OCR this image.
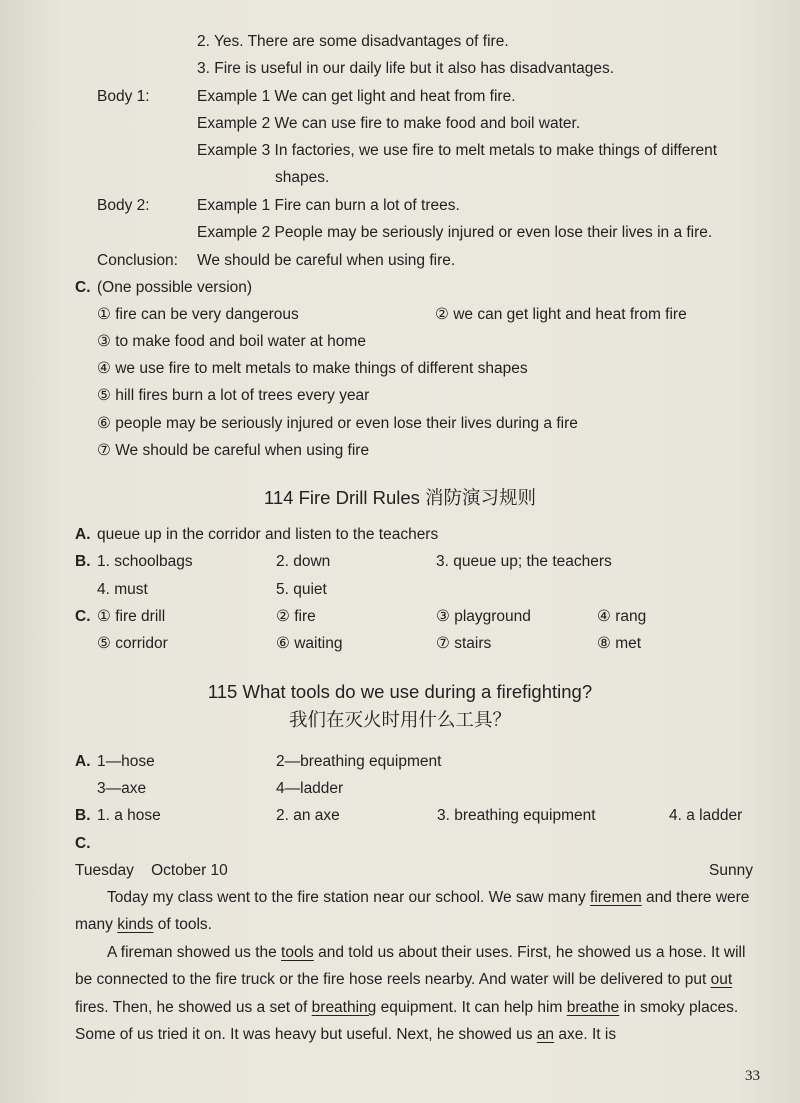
2. Yes. There are some disadvantages of fire.
3. Fire is useful in our daily life but it also has disadvantages.
Body 1:	Example 1 We can get light and heat from fire.
Example 2 We can use fire to make food and boil water.
Example 3 In factories, we use fire to melt metals to make things of different
shapes.
Body 2:	Example 1 Fire can burn a lot of trees.
Example 2 People may be seriously injured or even lose their lives in a fire.
Conclusion: We should be careful when using fire.
C. (One possible version)
① fire can be very dangerous	② we can get light and heat from fire
③ to make food and boil water at home
④ we use fire to melt metals to make things of different shapes
⑤ hill fires burn a lot of trees every year
⑥ people may be seriously injured or even lose their lives during a fire
⑦ We should be careful when using fire
114 Fire Drill Rules 消防演习规则
A. queue up in the corridor and listen to the teachers
B. 1. schoolbags	2. down	3. queue up; the teachers
4. must	5. quiet
C. ① fire drill	② fire	③ playground	④ rang
⑤ corridor	⑥ waiting	⑦ stairs	⑧ met
115 What tools do we use during a firefighting?
我们在灭火时用什么工具？
A. 1—hose	2—breathing equipment
3—axe	4—ladder
B. 1. a hose	2. an axe	3. breathing equipment	4. a ladder
C.
Tuesday    October 10	Sunny
Today my class went to the fire station near our school. We saw many firemen and there were many kinds of tools.
A fireman showed us the tools and told us about their uses. First, he showed us a hose. It will be connected to the fire truck or the fire hose reels nearby. And water will be delivered to put out fires. Then, he showed us a set of breathing equipment. It can help him breathe in smoky places. Some of us tried it on. It was heavy but useful. Next, he showed us an axe. It is
33
